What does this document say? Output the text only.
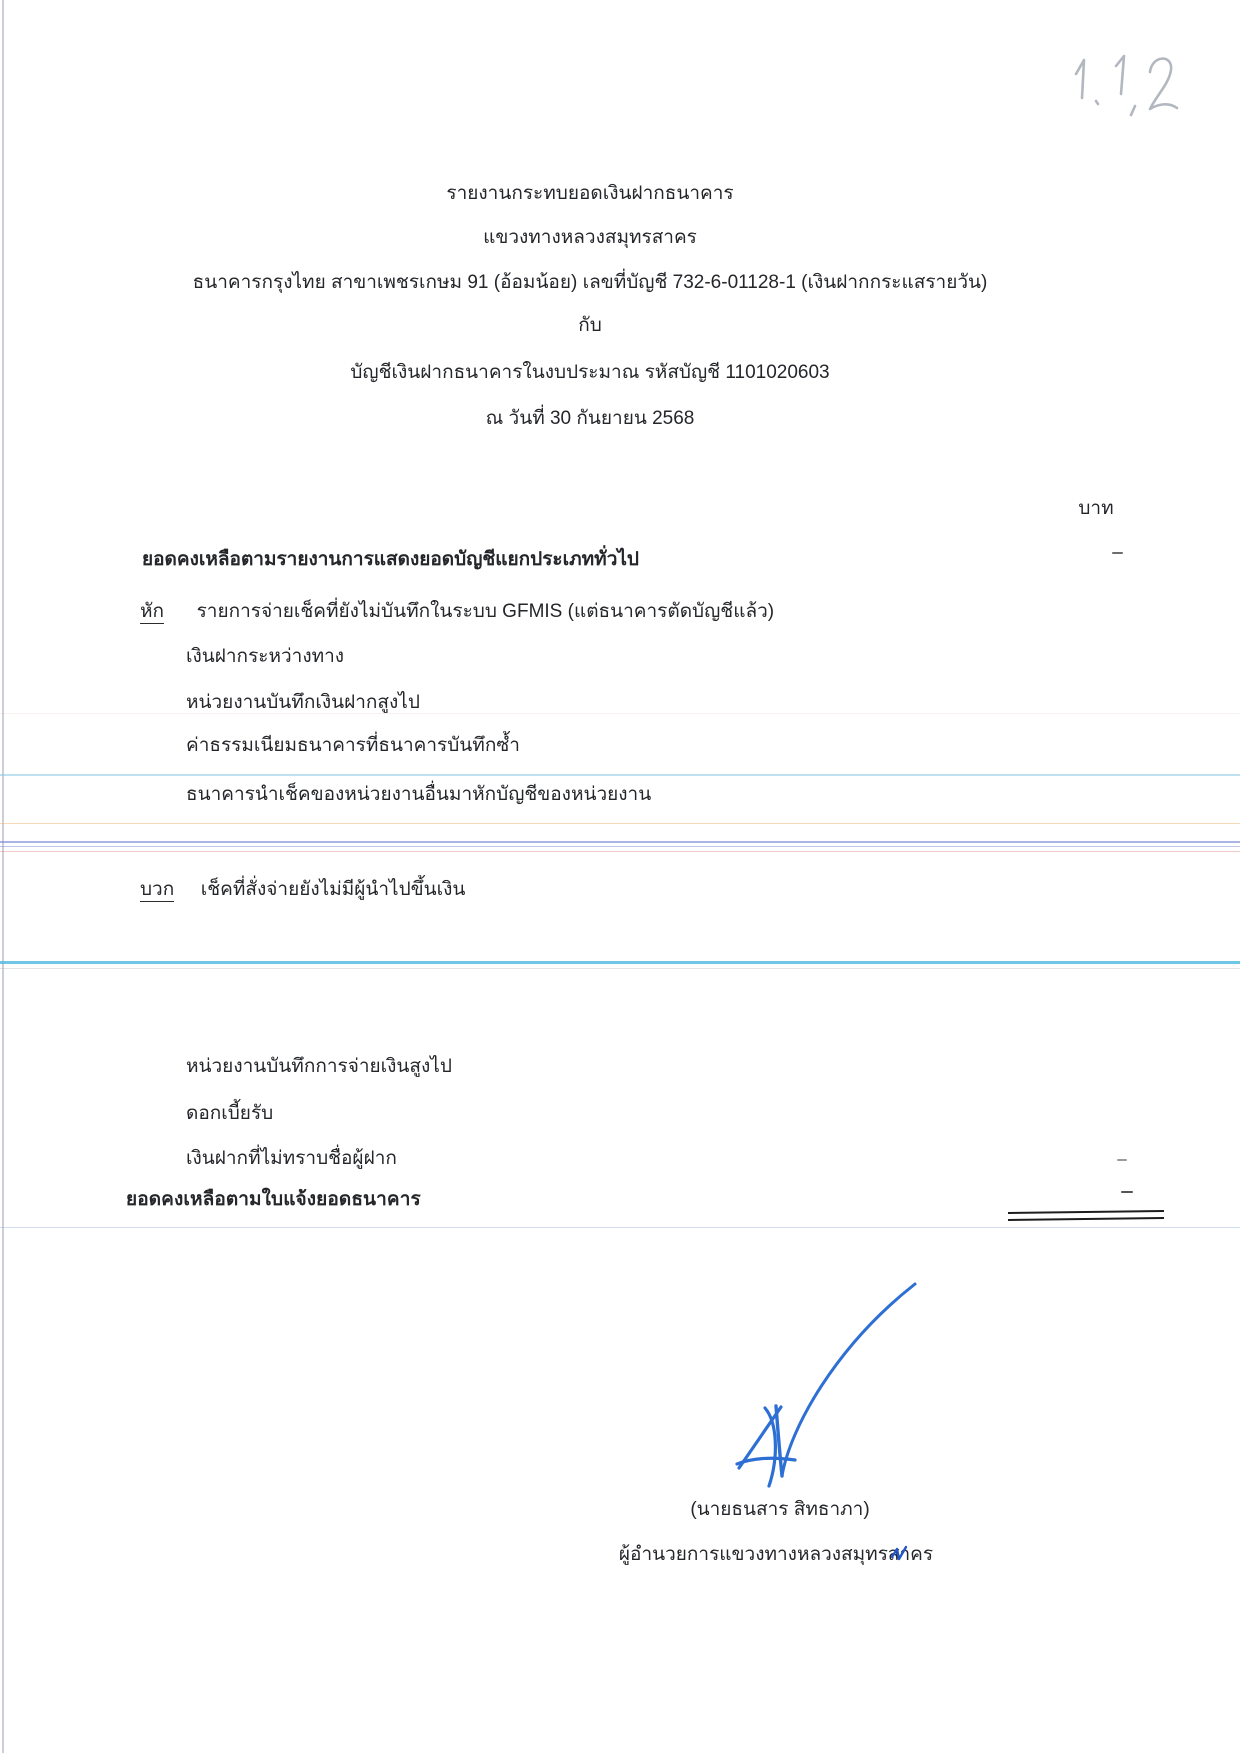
รายงานกระทบยอดเงินฝากธนาคาร
แขวงทางหลวงสมุทรสาคร
ธนาคารกรุงไทย สาขาเพชรเกษม 91 (อ้อมน้อย) เลขที่บัญชี 732-6-01128-1 (เงินฝากกระแสรายวัน)
กับ
บัญชีเงินฝากธนาคารในงบประมาณ รหัสบัญชี 1101020603
ณ วันที่ 30 กันยายน 2568
บาท
ยอดคงเหลือตามรายงานการแสดงยอดบัญชีแยกประเภททั่วไป
หัก รายการจ่ายเช็คที่ยังไม่บันทึกในระบบ GFMIS (แต่ธนาคารตัดบัญชีแล้ว)
เงินฝากระหว่างทาง
หน่วยงานบันทึกเงินฝากสูงไป
ค่าธรรมเนียมธนาคารที่ธนาคารบันทึกซ้ำ
ธนาคารนำเช็คของหน่วยงานอื่นมาหักบัญชีของหน่วยงาน
บวก เช็คที่สั่งจ่ายยังไม่มีผู้นำไปขึ้นเงิน
หน่วยงานบันทึกการจ่ายเงินสูงไป
ดอกเบี้ยรับ
เงินฝากที่ไม่ทราบชื่อผู้ฝาก
ยอดคงเหลือตามใบแจ้งยอดธนาคาร
(นายธนสาร สิทธาภา)
ผู้อำนวยการแขวงทางหลวงสมุทรสาคร
